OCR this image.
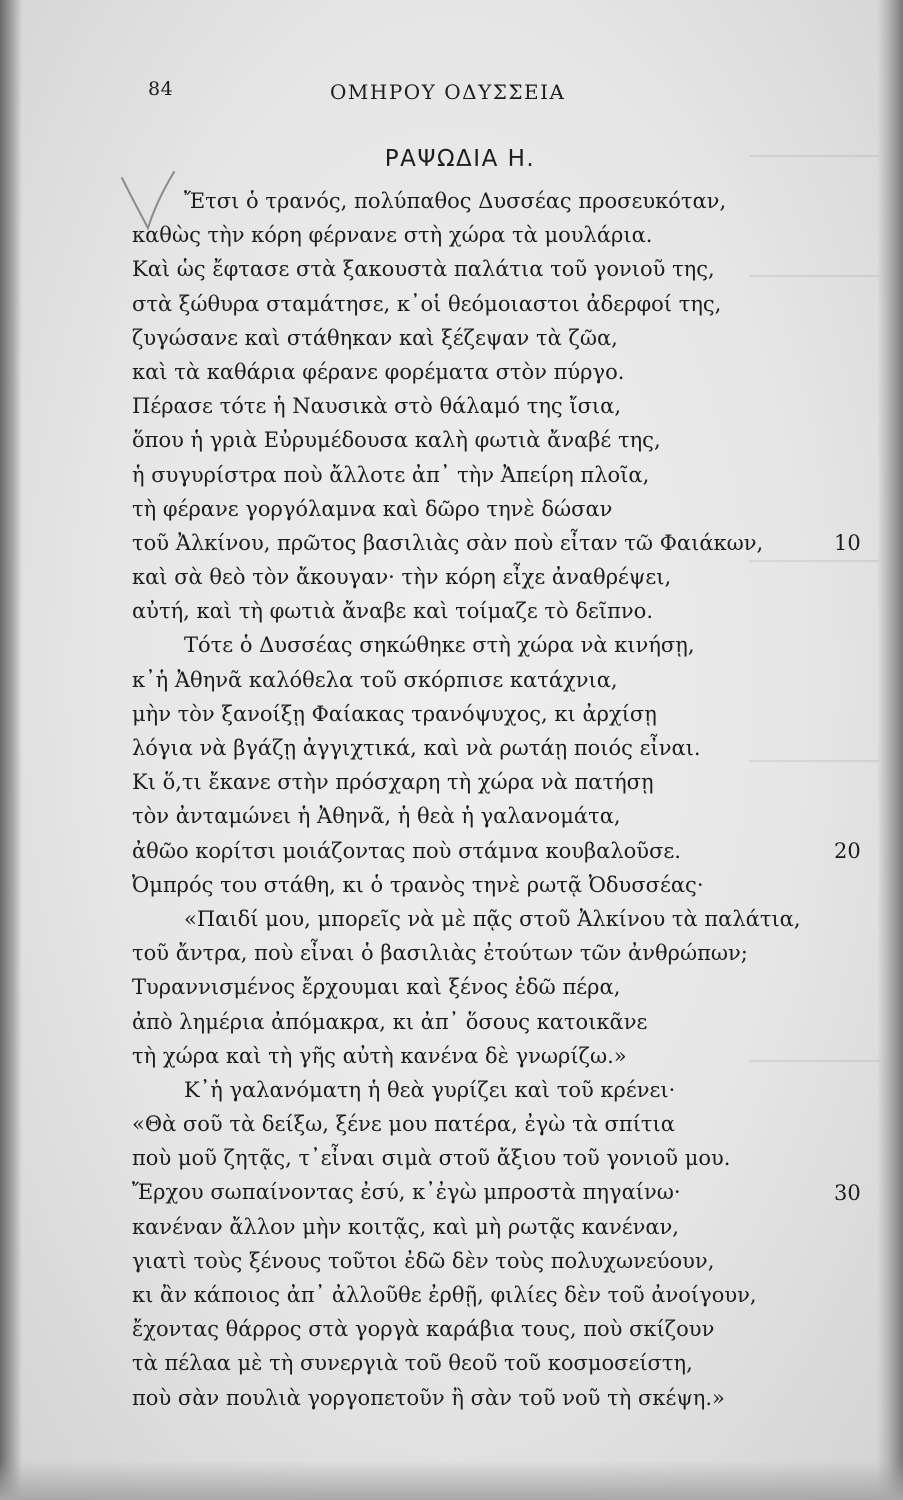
84	ΟΜΗΡΟΥ ΟΔΥΣΣΕΙΑ
ΡΑΨΩΔΙΑ Η.
Ἔτσι ὁ τρανός, πολύπαθος Δυσσέας προσευκόταν,
καθὼς τὴν κόρη φέρνανε στὴ χώρα τὰ μουλάρια.
Καὶ ὡς ἔφτασε στὰ ξακουστὰ παλάτια τοῦ γονιοῦ της,
στὰ ξώθυρα σταμάτησε, κ᾽οἱ θεόμοιαστοι ἀδερφοί της,
ζυγώσανε καὶ στάθηκαν καὶ ξέζεψαν τὰ ζῶα,
καὶ τὰ καθάρια φέρανε φορέματα στὸν πύργο.
Πέρασε τότε ἡ Ναυσικὰ στὸ θάλαμό της ἴσια,
ὅπου ἡ γριὰ Εὐρυμέδουσα καλὴ φωτιὰ ἄναβέ της,
ἡ συγυρίστρα ποὺ ἄλλοτε ἀπ᾽ τὴν Ἀπείρη πλοῖα,
τὴ φέρανε γοργόλαμνα καὶ δῶρο τηνὲ δώσαν
τοῦ Ἀλκίνου, πρῶτος βασιλιὰς σὰν ποὺ εἶταν τῶ Φαιάκων,
καὶ σὰ θεὸ τὸν ἄκουγαν· τὴν κόρη εἶχε ἀναθρέψει,
αὐτή, καὶ τὴ φωτιὰ ἄναβε καὶ τοίμαζε τὸ δεῖπνο.
Τότε ὁ Δυσσέας σηκώθηκε στὴ χώρα νὰ κινήσῃ,
κ᾽ἡ Ἀθηνᾶ καλόθελα τοῦ σκόρπισε κατάχνια,
μὴν τὸν ξανοίξῃ Φαίακας τρανόψυχος, κι ἀρχίσῃ
λόγια νὰ βγάζῃ ἀγγιχτικά, καὶ νὰ ρωτάῃ ποιός εἶναι.
Κι ὅ,τι ἔκανε στὴν πρόσχαρη τὴ χώρα νὰ πατήσῃ
τὸν ἀνταμώνει ἡ Ἀθηνᾶ, ἡ θεὰ ἡ γαλανομάτα,
ἀθῶο κορίτσι μοιάζοντας ποὺ στάμνα κουβαλοῦσε.
Ὀμπρός του στάθη, κι ὁ τρανὸς τηνὲ ρωτᾷ Ὀδυσσέας·
«Παιδί μου, μπορεῖς νὰ μὲ πᾷς στοῦ Ἀλκίνου τὰ παλάτια,
τοῦ ἄντρα, ποὺ εἶναι ὁ βασιλιὰς ἐτούτων τῶν ἀνθρώπων;
Τυραννισμένος ἔρχουμαι καὶ ξένος ἐδῶ πέρα,
ἀπὸ λημέρια ἀπόμακρα, κι ἀπ᾽ ὅσους κατοικᾶνε
τὴ χώρα καὶ τὴ γῆς αὐτὴ κανένα δὲ γνωρίζω.»
Κ᾽ἡ γαλανόματη ἡ θεὰ γυρίζει καὶ τοῦ κρένει·
«Θὰ σοῦ τὰ δείξω, ξένε μου πατέρα, ἐγὼ τὰ σπίτια
ποὺ μοῦ ζητᾷς, τ᾽εἶναι σιμὰ στοῦ ἄξιου τοῦ γονιοῦ μου.
Ἔρχου σωπαίνοντας ἐσύ, κ᾽ἐγὼ μπροστὰ πηγαίνω·
κανέναν ἄλλον μὴν κοιτᾷς, καὶ μὴ ρωτᾷς κανέναν,
γιατὶ τοὺς ξένους τοῦτοι ἐδῶ δὲν τοὺς πολυχωνεύουν,
κι ἂν κάποιος ἀπ᾽ ἀλλοῦθε ἐρθῇ, φιλίες δὲν τοῦ ἀνοίγουν,
ἔχοντας θάρρος στὰ γοργὰ καράβια τους, ποὺ σκίζουν
τὰ πέλαα μὲ τὴ συνεργιὰ τοῦ θεοῦ τοῦ κοσμοσείστη,
ποὺ σὰν πουλιὰ γοργοπετοῦν ἢ σὰν τοῦ νοῦ τὴ σκέψη.»
10
20
30
